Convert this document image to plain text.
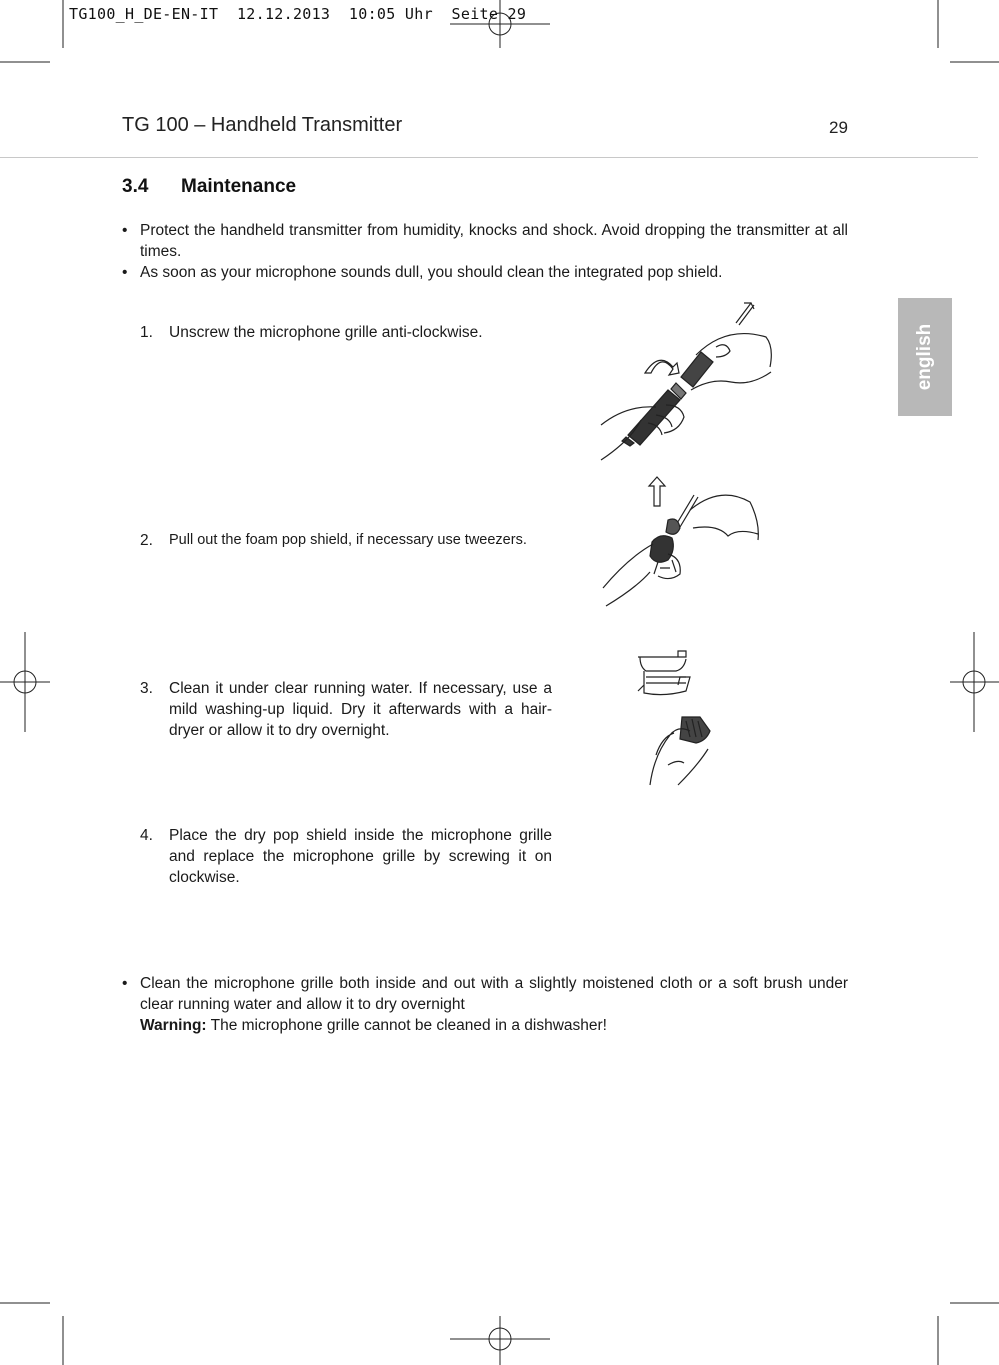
TG100_H_DE-EN-IT  12.12.2013  10:05 Uhr  Seite 29
TG 100 – Handheld Transmitter	29
english
3.4 Maintenance
• Protect the handheld transmitter from humidity, knocks and shock. Avoid dropping the transmitter at all times.
• As soon as your microphone sounds dull, you should clean the integrated pop shield.
1. Unscrew the microphone grille anti-clockwise.
2. Pull out the foam pop shield, if necessary use tweezers.
3. Clean it under clear running water. If necessary, use a mild washing-up liquid. Dry it afterwards with a hair-dryer or allow it to dry overnight.
4. Place the dry pop shield inside the microphone grille and replace the microphone grille by screwing it on clockwise.
• Clean the microphone grille both inside and out with a slightly moistened cloth or a soft brush under clear running water and allow it to dry overnight
Warning: The microphone grille cannot be cleaned in a dishwasher!
